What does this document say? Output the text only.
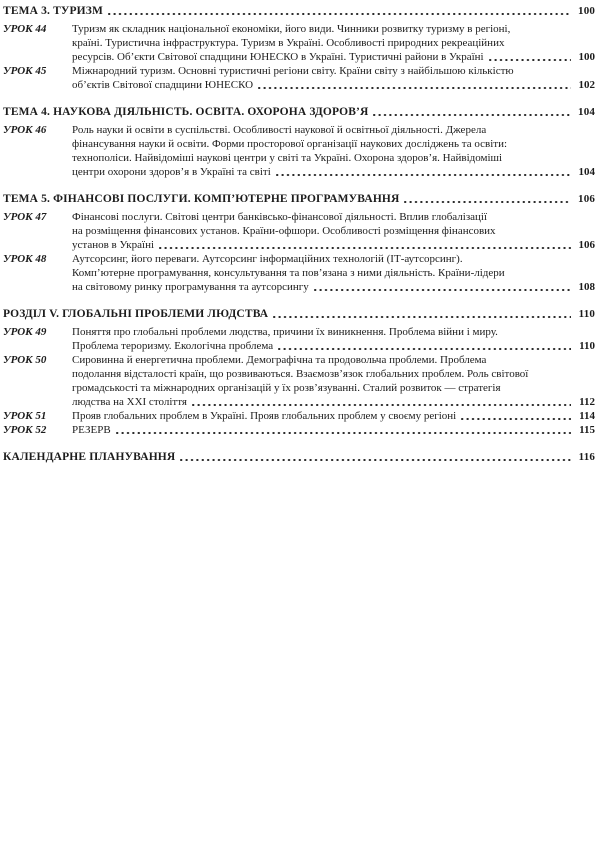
ТЕМА 3. ТУРИЗМ	100
УРОК 44	Туризм як складник національної економіки, його види. Чинники розвитку туризму в регіоні,
країні. Туристична інфраструктура. Туризм в Україні. Особливості природних рекреаційних
ресурсів. Об’єкти Світової спадщини ЮНЕСКО в Україні. Туристичні райони в Україні	100
УРОК 45	Міжнародний туризм. Основні туристичні регіони світу. Країни світу з найбільшою кількістю
об’єктів Світової спадщини ЮНЕСКО	102
ТЕМА 4. НАУКОВА ДІЯЛЬНІСТЬ. ОСВІТА. ОХОРОНА ЗДОРОВ’Я	104
УРОК 46	Роль науки й освіти в суспільстві. Особливості наукової й освітньої діяльності. Джерела
фінансування науки й освіти. Форми просторової організації наукових досліджень та освіти:
технополіси. Найвідоміші наукові центри у світі та Україні. Охорона здоров’я. Найвідоміші
центри охорони здоров’я в Україні та світі	104
ТЕМА 5. ФІНАНСОВІ ПОСЛУГИ. КОМП’ЮТЕРНЕ ПРОГРАМУВАННЯ	106
УРОК 47	Фінансові послуги. Світові центри банківсько-фінансової діяльності. Вплив глобалізації
на розміщення фінансових установ. Країни-офшори. Особливості розміщення фінансових
установ в Україні	106
УРОК 48	Аутсорсинг, його переваги. Аутсорсинг інформаційних технологій (ІТ-аутсорсинг).
Комп’ютерне програмування, консультування та пов’язана з ними діяльність. Країни-лідери
на світовому ринку програмування та аутсорсингу	108
РОЗДІЛ V. ГЛОБАЛЬНІ ПРОБЛЕМИ ЛЮДСТВА	110
УРОК 49	Поняття про глобальні проблеми людства, причини їх виникнення. Проблема війни і миру.
Проблема тероризму. Екологічна проблема	110
УРОК 50	Сировинна й енергетична проблеми. Демографічна та продовольча проблеми. Проблема
подолання відсталості країн, що розвиваються. Взаємозв’язок глобальних проблем. Роль світової
громадськості та міжнародних організацій у їх розв’язуванні. Сталий розвиток — стратегія
людства на ХХІ століття	112
УРОК 51	Прояв глобальних проблем в Україні. Прояв глобальних проблем у своєму регіоні	114
УРОК 52	РЕЗЕРВ	115
КАЛЕНДАРНЕ ПЛАНУВАННЯ	116
